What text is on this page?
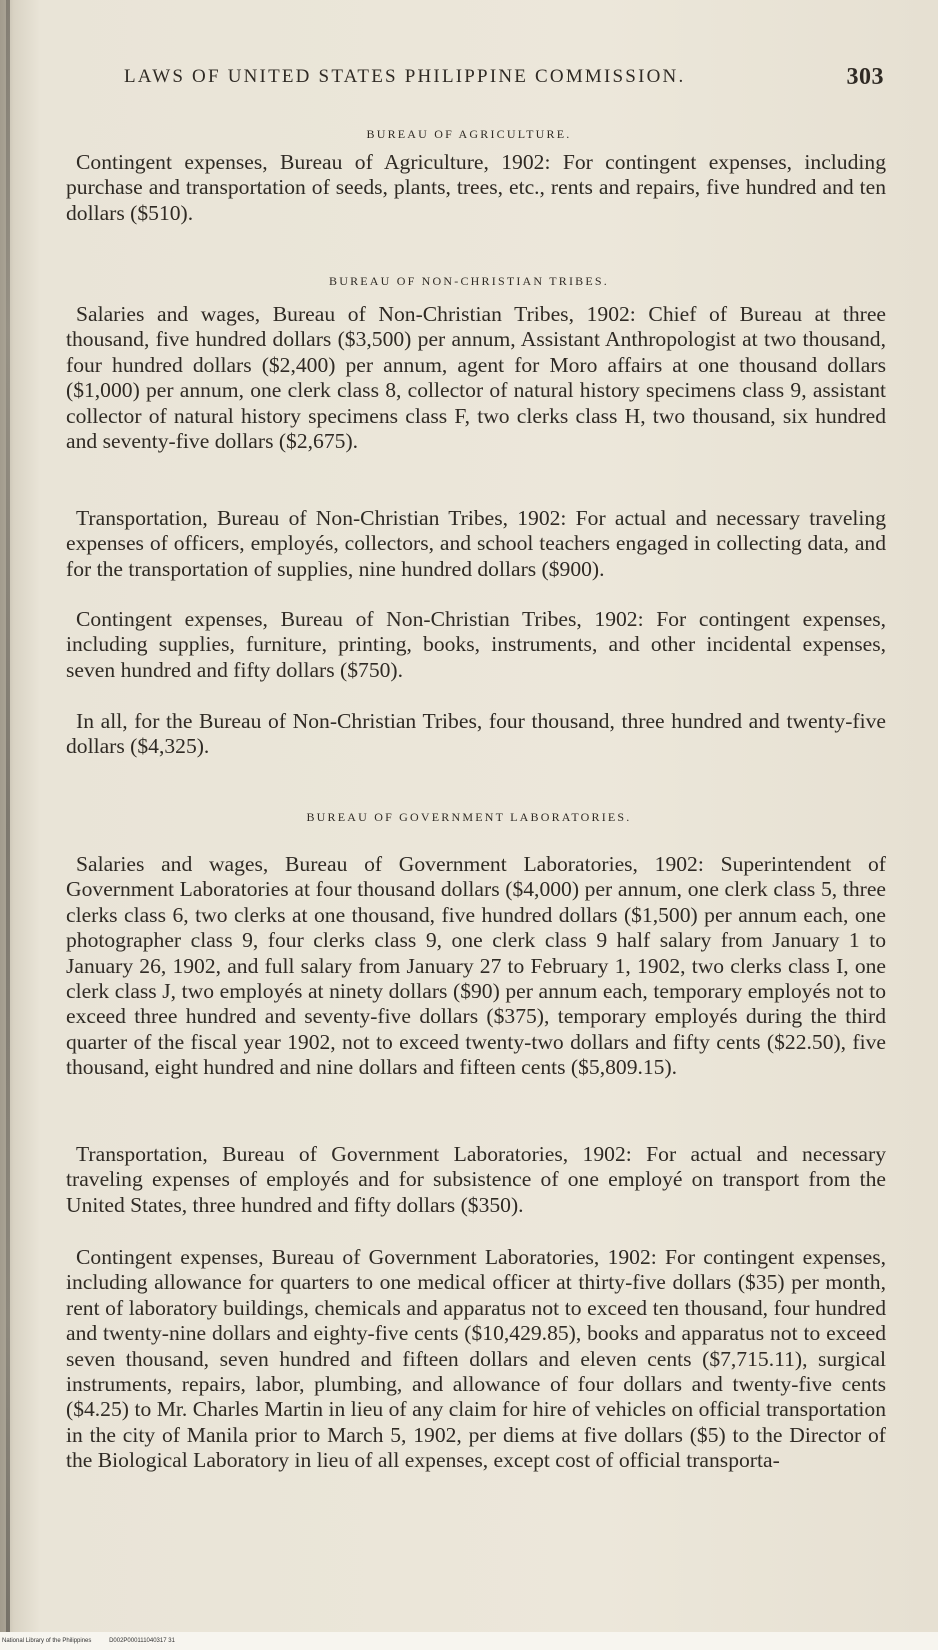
LAWS OF UNITED STATES PHILIPPINE COMMISSION.	303
BUREAU OF AGRICULTURE.

Contingent expenses, Bureau of Agriculture, 1902: For contingent expenses, including purchase and transportation of seeds, plants, trees, etc., rents and repairs, five hundred and ten dollars ($510).

BUREAU OF NON-CHRISTIAN TRIBES.

Salaries and wages, Bureau of Non-Christian Tribes, 1902: Chief of Bureau at three thousand, five hundred dollars ($3,500) per annum, Assistant Anthropologist at two thousand, four hundred dollars ($2,400) per annum, agent for Moro affairs at one thousand dollars ($1,000) per annum, one clerk class 8, collector of natural history specimens class 9, assistant collector of natural history specimens class F, two clerks class H, two thousand, six hundred and seventy-five dollars ($2,675).

Transportation, Bureau of Non-Christian Tribes, 1902: For actual and necessary traveling expenses of officers, employés, collectors, and school teachers engaged in collecting data, and for the transportation of supplies, nine hundred dollars ($900).

Contingent expenses, Bureau of Non-Christian Tribes, 1902: For contingent expenses, including supplies, furniture, printing, books, instruments, and other incidental expenses, seven hundred and fifty dollars ($750).

In all, for the Bureau of Non-Christian Tribes, four thousand, three hundred and twenty-five dollars ($4,325).

BUREAU OF GOVERNMENT LABORATORIES.

Salaries and wages, Bureau of Government Laboratories, 1902: Superintendent of Government Laboratories at four thousand dollars ($4,000) per annum, one clerk class 5, three clerks class 6, two clerks at one thousand, five hundred dollars ($1,500) per annum each, one photographer class 9, four clerks class 9, one clerk class 9 half salary from January 1 to January 26, 1902, and full salary from January 27 to February 1, 1902, two clerks class I, one clerk class J, two employés at ninety dollars ($90) per annum each, temporary employés not to exceed three hundred and seventy-five dollars ($375), temporary employés during the third quarter of the fiscal year 1902, not to exceed twenty-two dollars and fifty cents ($22.50), five thousand, eight hundred and nine dollars and fifteen cents ($5,809.15).

Transportation, Bureau of Government Laboratories, 1902: For actual and necessary traveling expenses of employés and for subsistence of one employé on transport from the United States, three hundred and fifty dollars ($350).

Contingent expenses, Bureau of Government Laboratories, 1902: For contingent expenses, including allowance for quarters to one medical officer at thirty-five dollars ($35) per month, rent of laboratory buildings, chemicals and apparatus not to exceed ten thousand, four hundred and twenty-nine dollars and eighty-five cents ($10,429.85), books and apparatus not to exceed seven thousand, seven hundred and fifteen dollars and eleven cents ($7,715.11), surgical instruments, repairs, labor, plumbing, and allowance of four dollars and twenty-five cents ($4.25) to Mr. Charles Martin in lieu of any claim for hire of vehicles on official transportation in the city of Manila prior to March 5, 1902, per diems at five dollars ($5) to the Director of the Biological Laboratory in lieu of all expenses, except cost of official transporta-

National Library of the Philippines	D002P000111040317 31
